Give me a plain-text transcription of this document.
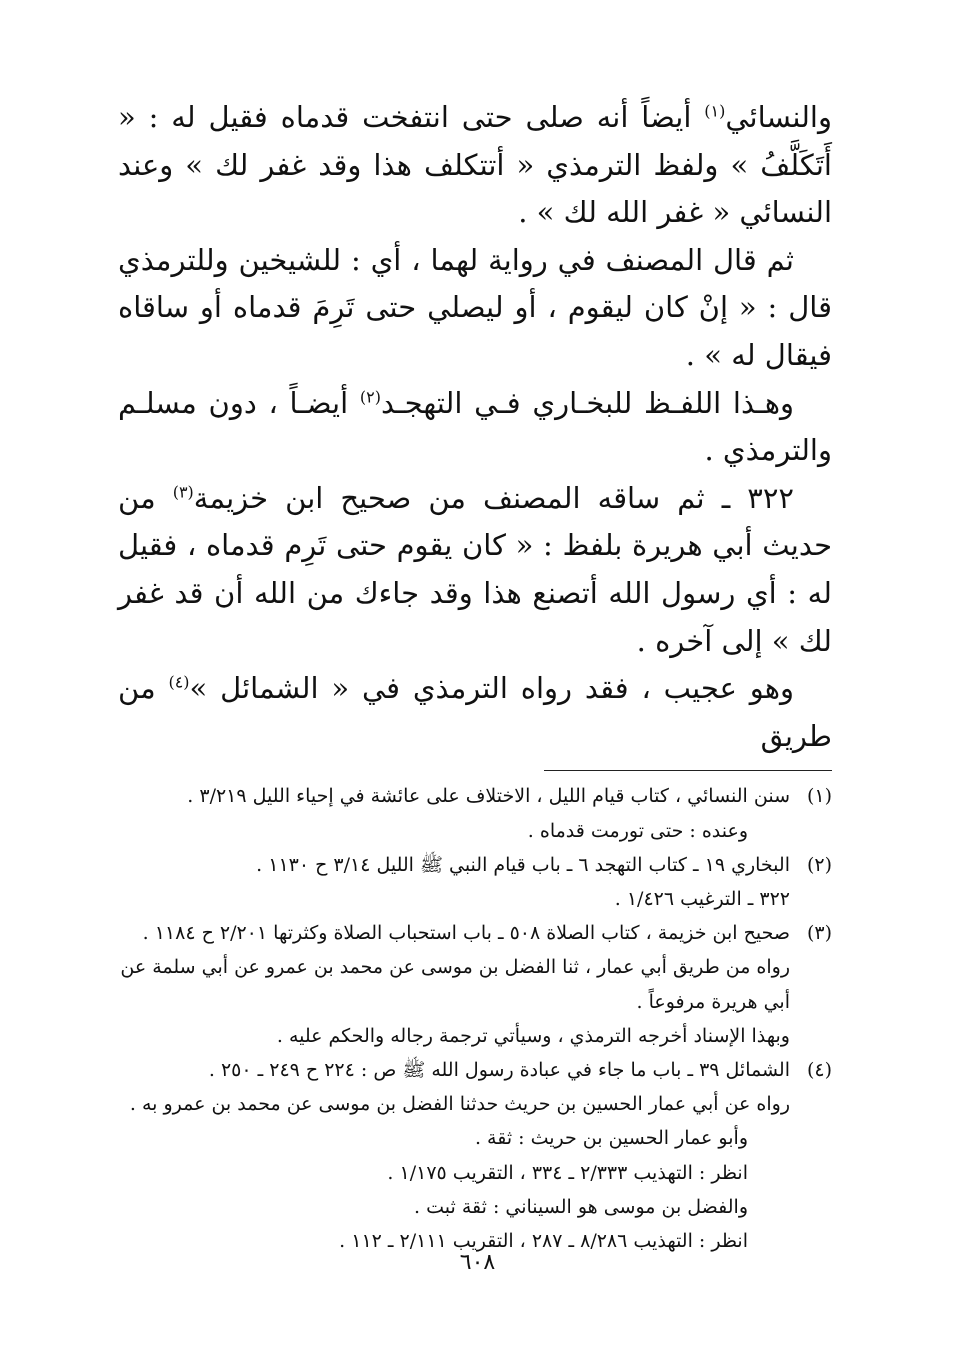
والنسائي$^{(١)}$ أيضاً أنه صلى حتى انتفخت قدماه فقيل له : « أَتَكَلَّفُ » ولفظ الترمذي « أتتكلف هذا وقد غفر لك » وعند النسائي « غفر الله لك » .

ثم قال المصنف في رواية لهما ، أي : للشيخين وللترمذي قال : « إنْ كان ليقوم ، أو ليصلي حتى تَرِمَ قدماه أو ساقاه فيقال له » .

وهـذا اللفـظ للبخـاري فـي التهجـد$^{(٢)}$ أيضـاً ، دون مسلـم والترمذي .

٣٢٢ ـ ثم ساقه المصنف من صحيح ابن خزيمة$^{(٣)}$ من حديث أبي هريرة بلفظ : « كان يقوم حتى تَرِم قدماه ، فقيل له : أي رسول الله أتصنع هذا وقد جاءك من الله أن قد غفر لك » إلى آخره .

وهو عجيب ، فقد رواه الترمذي في « الشمائل »$^{(٤)}$ من طريق

(١)

سنن النسائي ، كتاب قيام الليل ، الاختلاف على عائشة في إحياء الليل ٣/٢١٩ .

وعنده : حتى تورمت قدماه .

(٢)

البخاري ١٩ ـ كتاب التهجد ٦ ـ باب قيام النبي ﷺ الليل ٣/١٤ ح ١١٣٠ .

٣٢٢ ـ الترغيب ١/٤٢٦ .

(٣)

صحيح ابن خزيمة ، كتاب الصلاة ٥٠٨ ـ باب استحباب الصلاة وكثرتها ٢/٢٠١ ح ١١٨٤ .

رواه من طريق أبي عمار ، ثنا الفضل بن موسى عن محمد بن عمرو عن أبي سلمة عن أبي هريرة مرفوعاً .

وبهذا الإسناد أخرجه الترمذي ، وسيأتي ترجمة رجاله والحكم عليه .

(٤)

الشمائل ٣٩ ـ باب ما جاء في عبادة رسول الله ﷺ ص : ٢٢٤ ح ٢٤٩ ـ ٢٥٠ .

رواه عن أبي عمار الحسين بن حريث حدثنا الفضل بن موسى عن محمد بن عمرو به .

وأبو عمار الحسين بن حريث : ثقة .

انظر : التهذيب ٢/٣٣٣ ـ ٣٣٤ ، التقريب ١/١٧٥ .

والفضل بن موسى هو السيناني : ثقة ثبت .

انظر : التهذيب ٨/٢٨٦ ـ ٢٨٧ ، التقريب ٢/١١١ ـ ١١٢ .

٦٠٨
